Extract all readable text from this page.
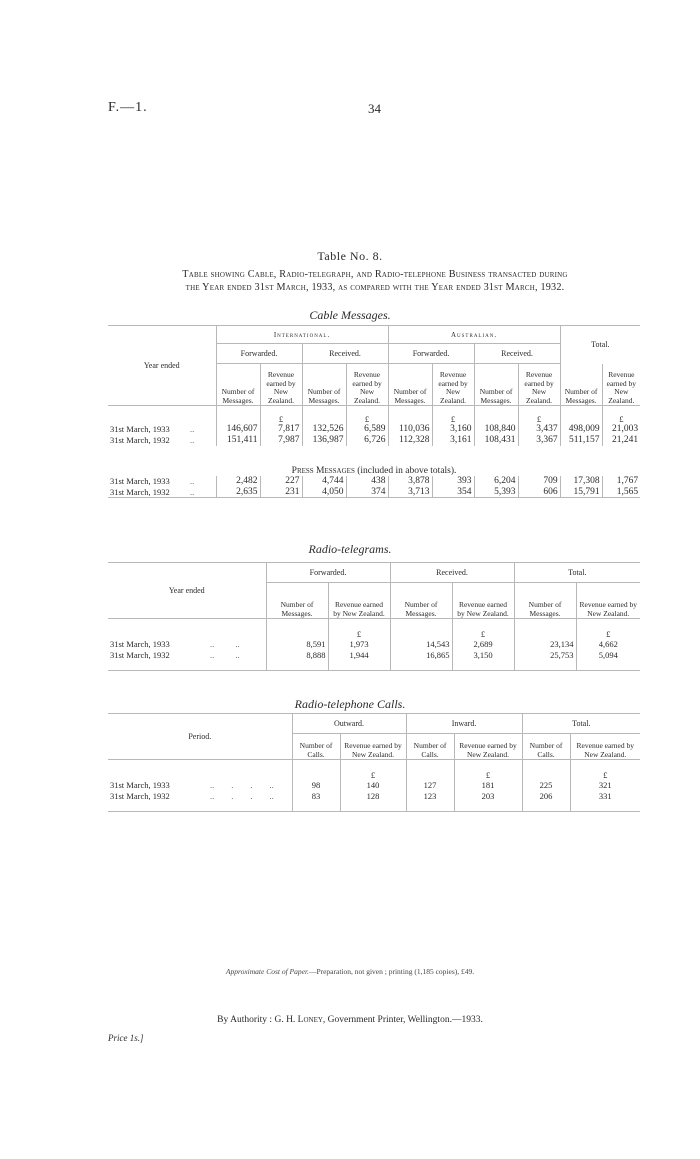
F.—1.	34
Table No. 8.
Table showing Cable, Radio-telegraph, and Radio-telephone Business transacted during
the Year ended 31st March, 1933, as compared with the Year ended 31st March, 1932.
Cable Messages.
Year ended		International.				Australian.				Total.	
		Forwarded.		Received.		Forwarded.		Received.			
		Number of Messages.	Revenue earned by New Zealand.	Number of Messages.	Revenue earned by New Zealand.	Number of Messages.	Revenue earned by New Zealand.	Number of Messages.	Revenue earned by New Zealand.	Number of Messages.	Revenue earned by New Zealand.
			£		£		£		£		£
31st March, 1933	..	146,607	7,817	132,526	6,589	110,036	3,160	108,840	3,437	498,009	21,003
31st March, 1932	..	151,411	7,987	136,987	6,726	112,328	3,161	108,431	3,367	511,157	21,241
Press Messages (included in above totals).											
31st March, 1933	..	2,482	227	4,744	438	3,878	393	6,204	709	17,308	1,767
31st March, 1932	..	2,635	231	4,050	374	3,713	354	5,393	606	15,791	1,565
Radio-telegrams.
Year ended		Forwarded.		Received.		Total.	
		Number of Messages.	Revenue earned by New Zealand.	Number of Messages.	Revenue earned by New Zealand.	Number of Messages.	Revenue earned by New Zealand.
			£		£		£
31st March, 1933	..          ..	8,591	1,973	14,543	2,689	23,134	4,662
31st March, 1932	..          ..	8,888	1,944	16,865	3,150	25,753	5,094

Radio-telephone Calls.
Period.		Outward.		Inward.		Total.	
		Number of Calls.	Revenue earned by New Zealand.	Number of Calls.	Revenue earned by New Zealand.	Number of Calls.	Revenue earned by New Zealand.
			£		£		£
31st March, 1933	..        .        .        ..	98	140	127	181	225	321
31st March, 1932	..        .        .        ..	83	128	123	203	206	331

Approximate Cost of Paper.—Preparation, not given ; printing (1,185 copies), £49.
By Authority : G. H. Loney, Government Printer, Wellington.—1933.
Price 1s.]
